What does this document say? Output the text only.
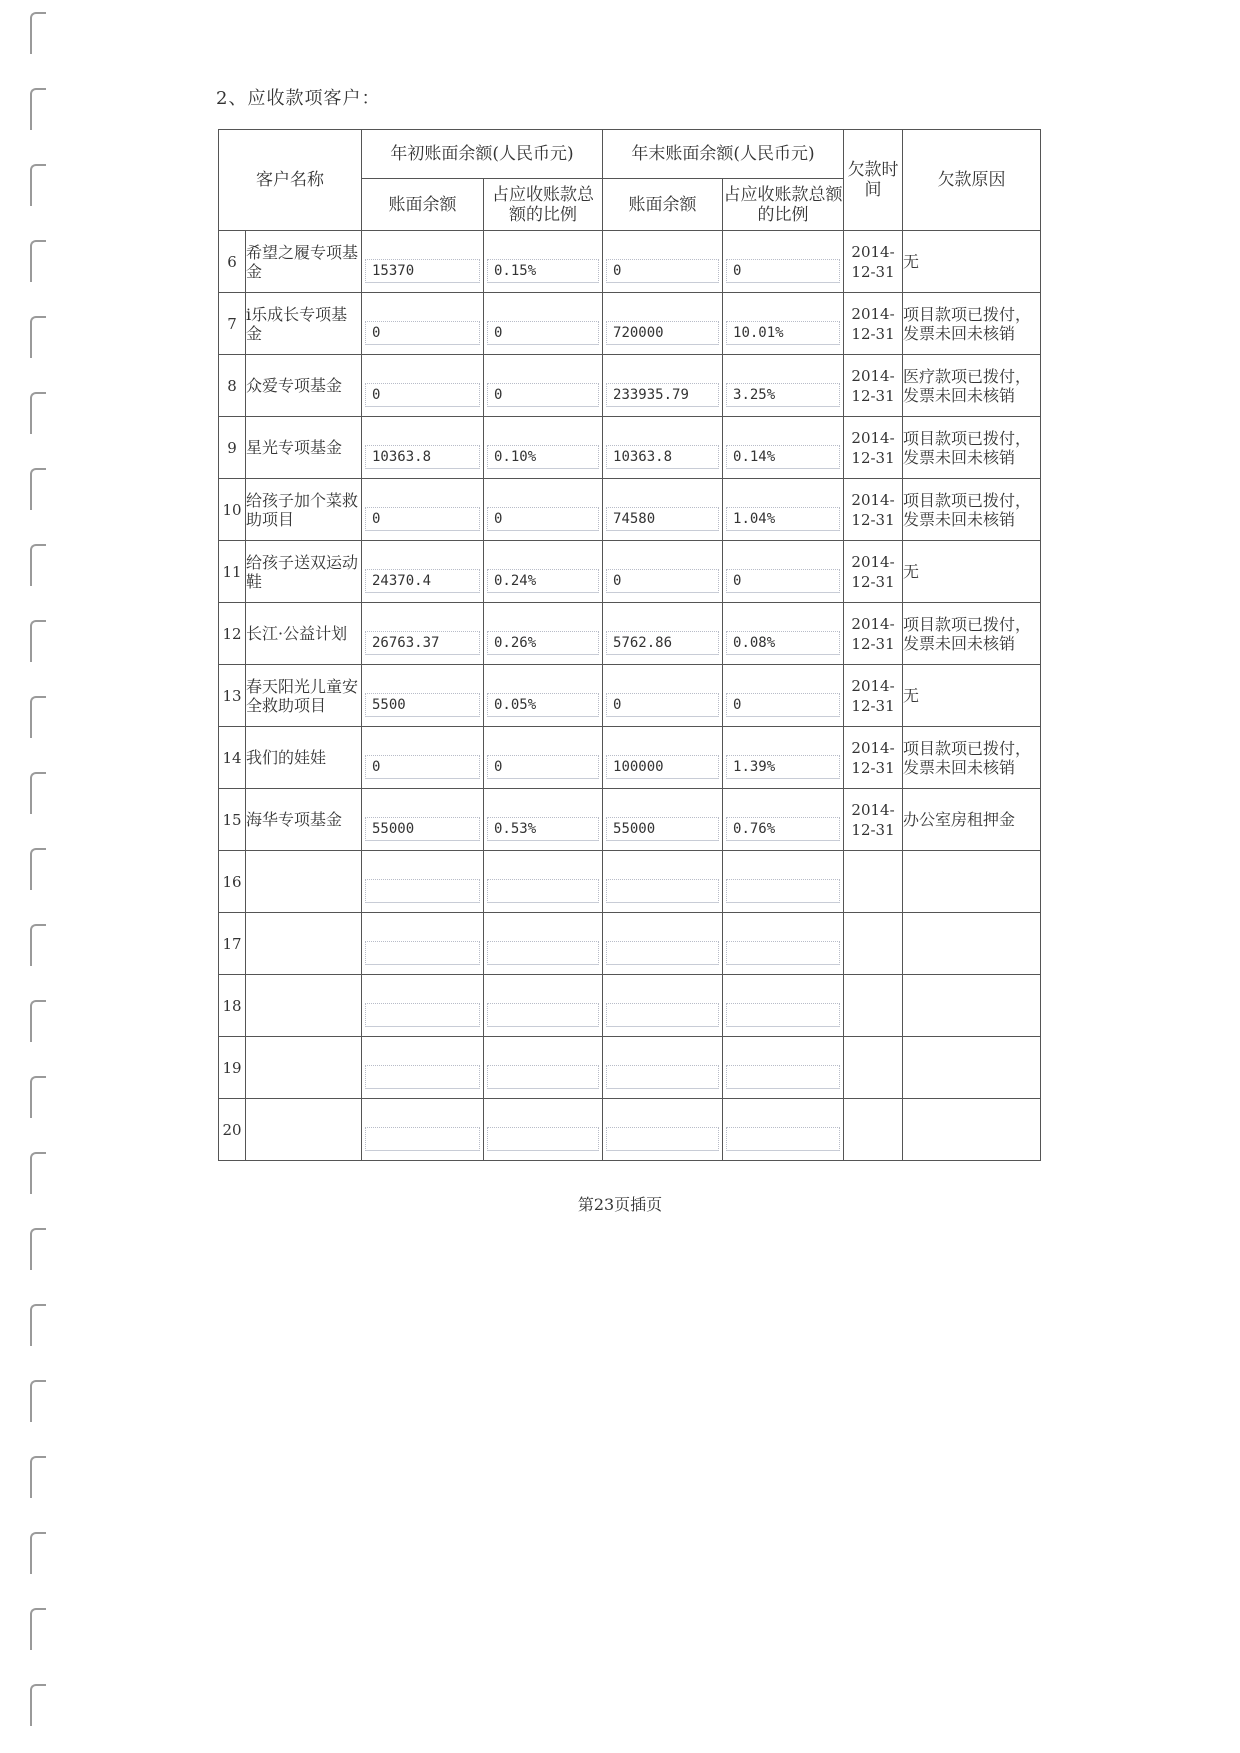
2、应收款项客户：
客户名称		年初账面余额(人民币元)		年末账面余额(人民币元)		欠款时间	欠款原因
		账面余额	占应收账款总额的比例	账面余额	占应收账款总额的比例		
6	希望之履专项基金	15370	0.15%	0	0	2014-12-31	无
7	i乐成长专项基金	0	0	720000	10.01%	2014-12-31	项目款项已拨付，发票未回未核销
8	众爱专项基金	0	0	233935.79	3.25%	2014-12-31	医疗款项已拨付，发票未回未核销
9	星光专项基金	10363.8	0.10%	10363.8	0.14%	2014-12-31	项目款项已拨付，发票未回未核销
10	给孩子加个菜救助项目	0	0	74580	1.04%	2014-12-31	项目款项已拨付，发票未回未核销
11	给孩子送双运动鞋	24370.4	0.24%	0	0	2014-12-31	无
12	长江·公益计划	26763.37	0.26%	5762.86	0.08%	2014-12-31	项目款项已拨付，发票未回未核销
13	春天阳光儿童安全救助项目	5500	0.05%	0	0	2014-12-31	无
14	我们的娃娃	0	0	100000	1.39%	2014-12-31	项目款项已拨付，发票未回未核销
15	海华专项基金	55000	0.53%	55000	0.76%	2014-12-31	办公室房租押金
16		

17		

18		

19		

20		

第23页插页
